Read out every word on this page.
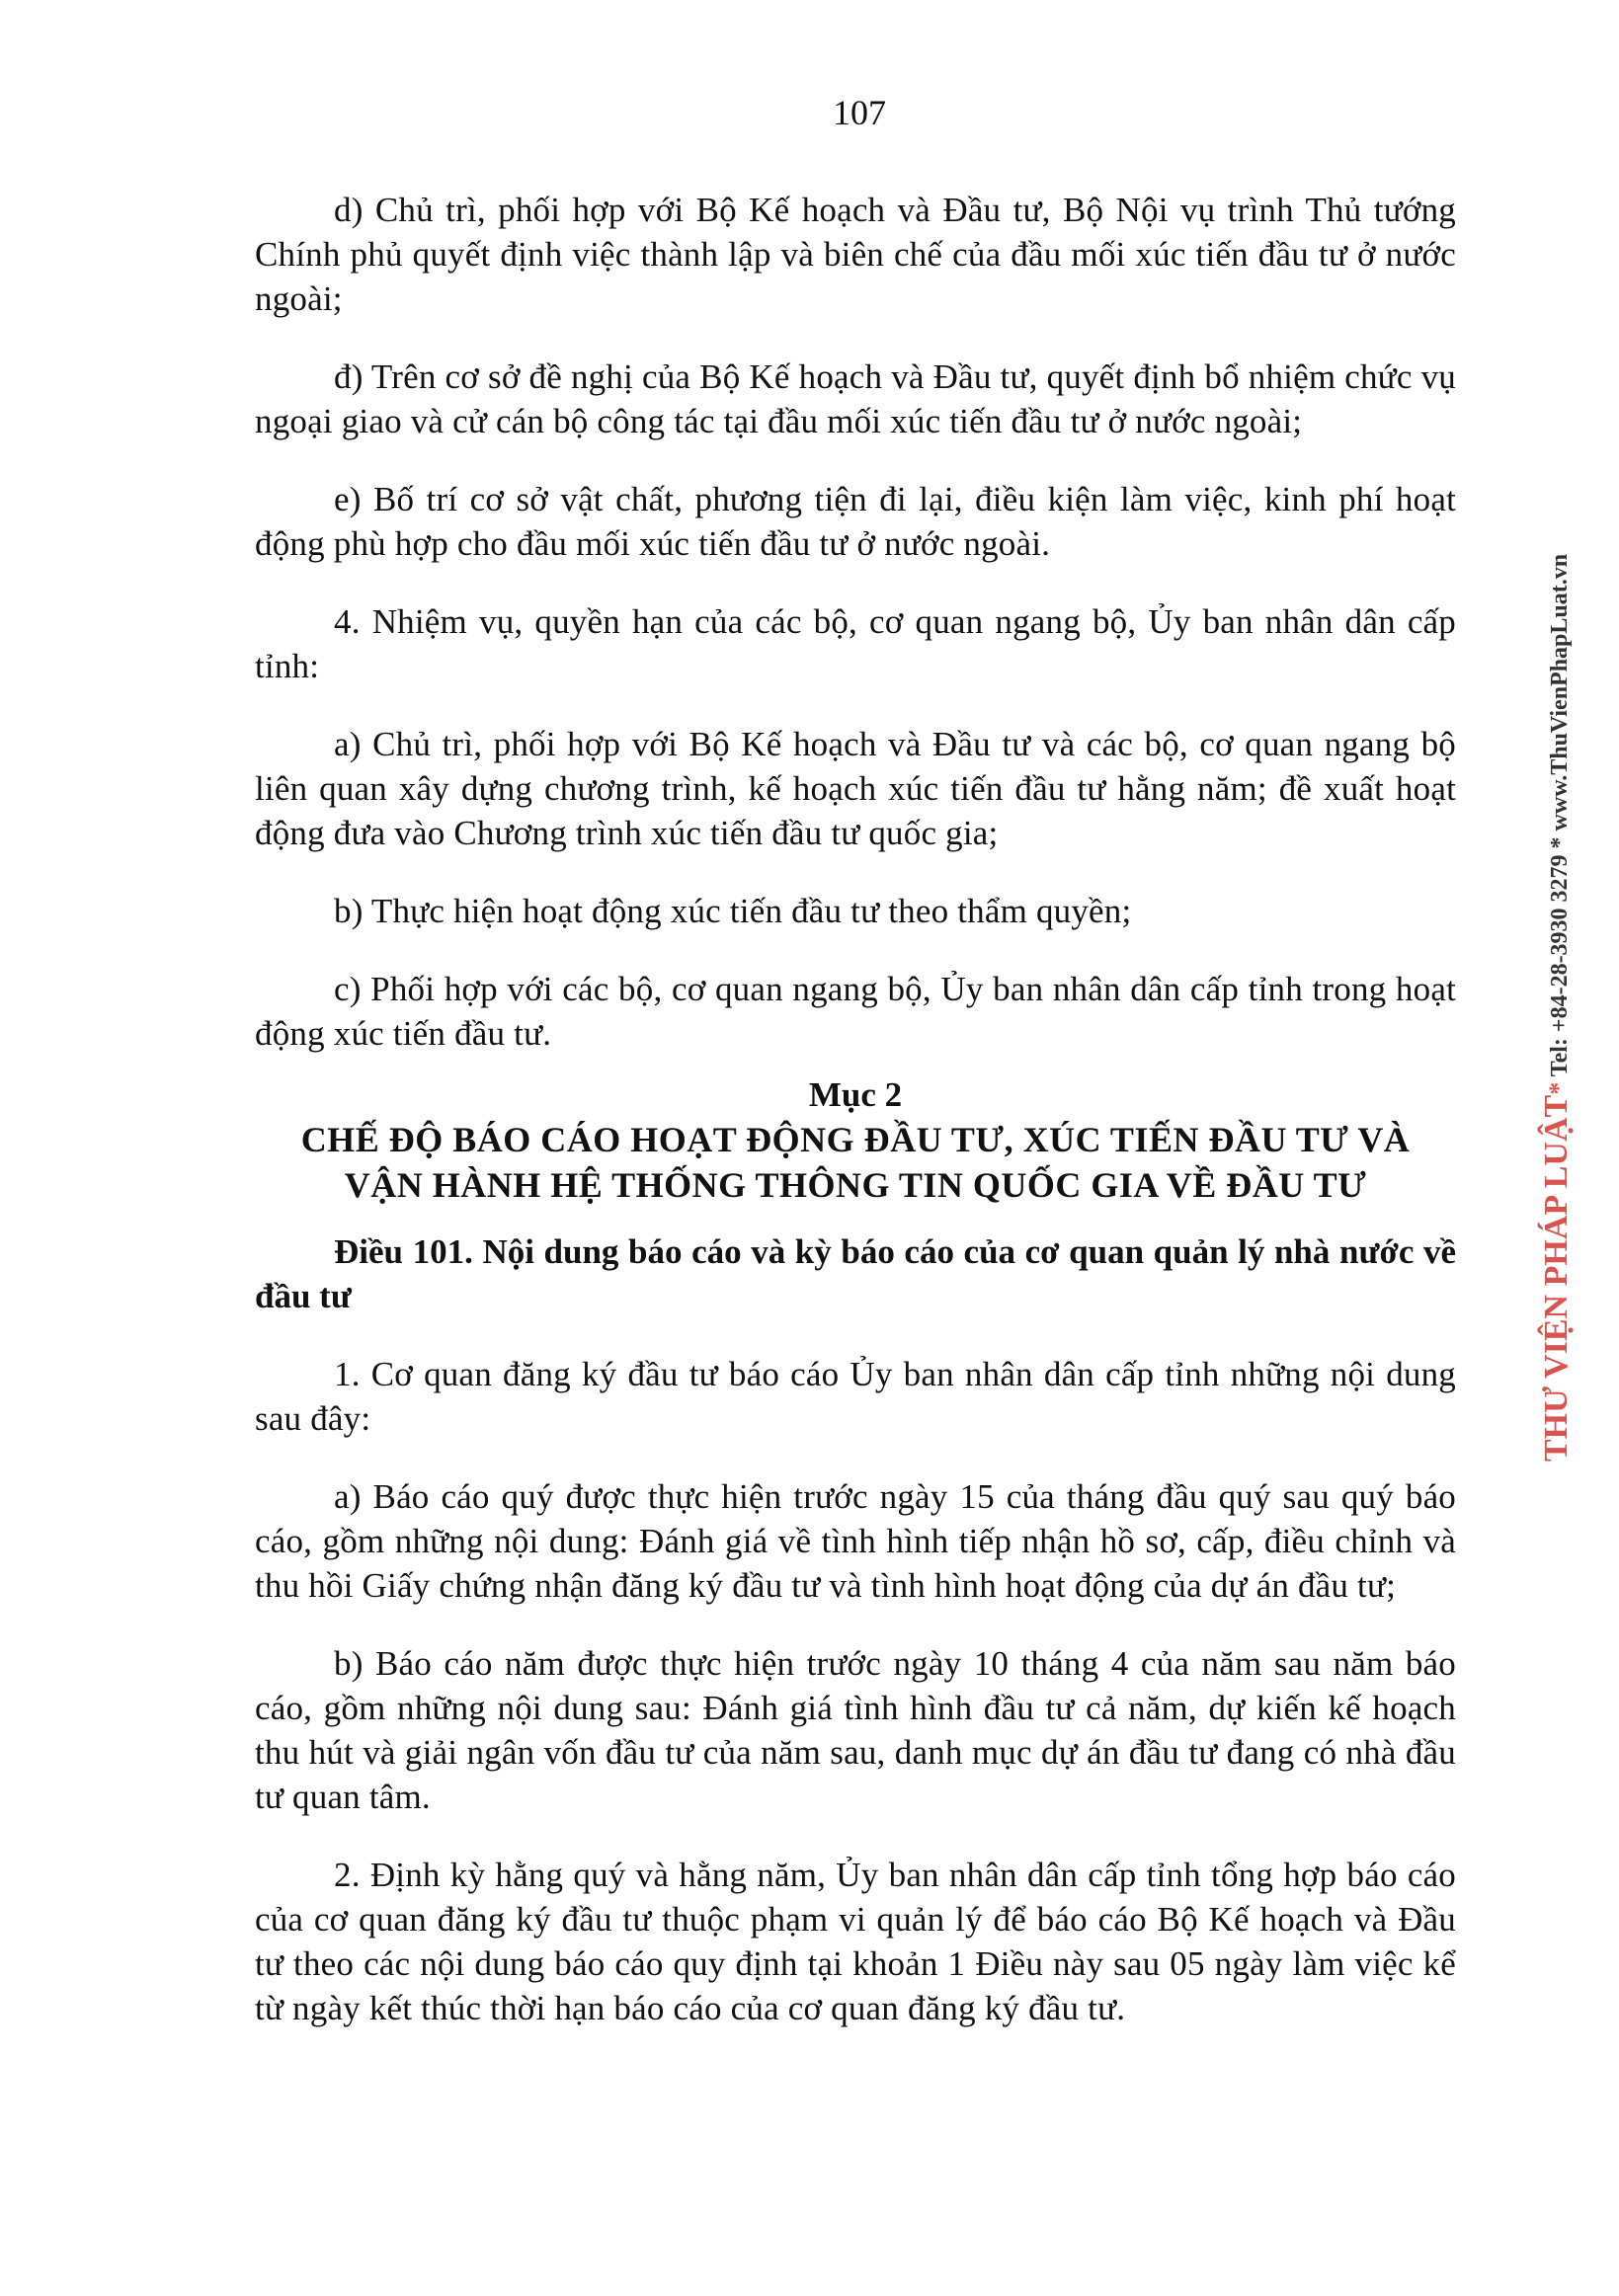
107

d) Chủ trì, phối hợp với Bộ Kế hoạch và Đầu tư, Bộ Nội vụ trình Thủ tướng Chính phủ quyết định việc thành lập và biên chế của đầu mối xúc tiến đầu tư ở nước ngoài;

đ) Trên cơ sở đề nghị của Bộ Kế hoạch và Đầu tư, quyết định bổ nhiệm chức vụ ngoại giao và cử cán bộ công tác tại đầu mối xúc tiến đầu tư ở nước ngoài;

e) Bố trí cơ sở vật chất, phương tiện đi lại, điều kiện làm việc, kinh phí hoạt động phù hợp cho đầu mối xúc tiến đầu tư ở nước ngoài.

4. Nhiệm vụ, quyền hạn của các bộ, cơ quan ngang bộ, Ủy ban nhân dân cấp tỉnh:

a) Chủ trì, phối hợp với Bộ Kế hoạch và Đầu tư và các bộ, cơ quan ngang bộ liên quan xây dựng chương trình, kế hoạch xúc tiến đầu tư hằng năm; đề xuất hoạt động đưa vào Chương trình xúc tiến đầu tư quốc gia;

b) Thực hiện hoạt động xúc tiến đầu tư theo thẩm quyền;

c) Phối hợp với các bộ, cơ quan ngang bộ, Ủy ban nhân dân cấp tỉnh trong hoạt động xúc tiến đầu tư.

Mục 2

CHẾ ĐỘ BÁO CÁO HOẠT ĐỘNG ĐẦU TƯ, XÚC TIẾN ĐẦU TƯ VÀ
VẬN HÀNH HỆ THỐNG THÔNG TIN QUỐC GIA VỀ ĐẦU TƯ

Điều 101. Nội dung báo cáo và kỳ báo cáo của cơ quan quản lý nhà nước về đầu tư

1. Cơ quan đăng ký đầu tư báo cáo Ủy ban nhân dân cấp tỉnh những nội dung sau đây:

a) Báo cáo quý được thực hiện trước ngày 15 của tháng đầu quý sau quý báo cáo, gồm những nội dung: Đánh giá về tình hình tiếp nhận hồ sơ, cấp, điều chỉnh và thu hồi Giấy chứng nhận đăng ký đầu tư và tình hình hoạt động của dự án đầu tư;

b) Báo cáo năm được thực hiện trước ngày 10 tháng 4 của năm sau năm báo cáo, gồm những nội dung sau: Đánh giá tình hình đầu tư cả năm, dự kiến kế hoạch thu hút và giải ngân vốn đầu tư của năm sau, danh mục dự án đầu tư đang có nhà đầu tư quan tâm.

2. Định kỳ hằng quý và hằng năm, Ủy ban nhân dân cấp tỉnh tổng hợp báo cáo của cơ quan đăng ký đầu tư thuộc phạm vi quản lý để báo cáo Bộ Kế hoạch và Đầu tư theo các nội dung báo cáo quy định tại khoản 1 Điều này sau 05 ngày làm việc kể từ ngày kết thúc thời hạn báo cáo của cơ quan đăng ký đầu tư.

THƯ VIỆN PHÁP LUẬT* Tel: +84-28-3930 3279 * www.ThuVienPhapLuat.vn
